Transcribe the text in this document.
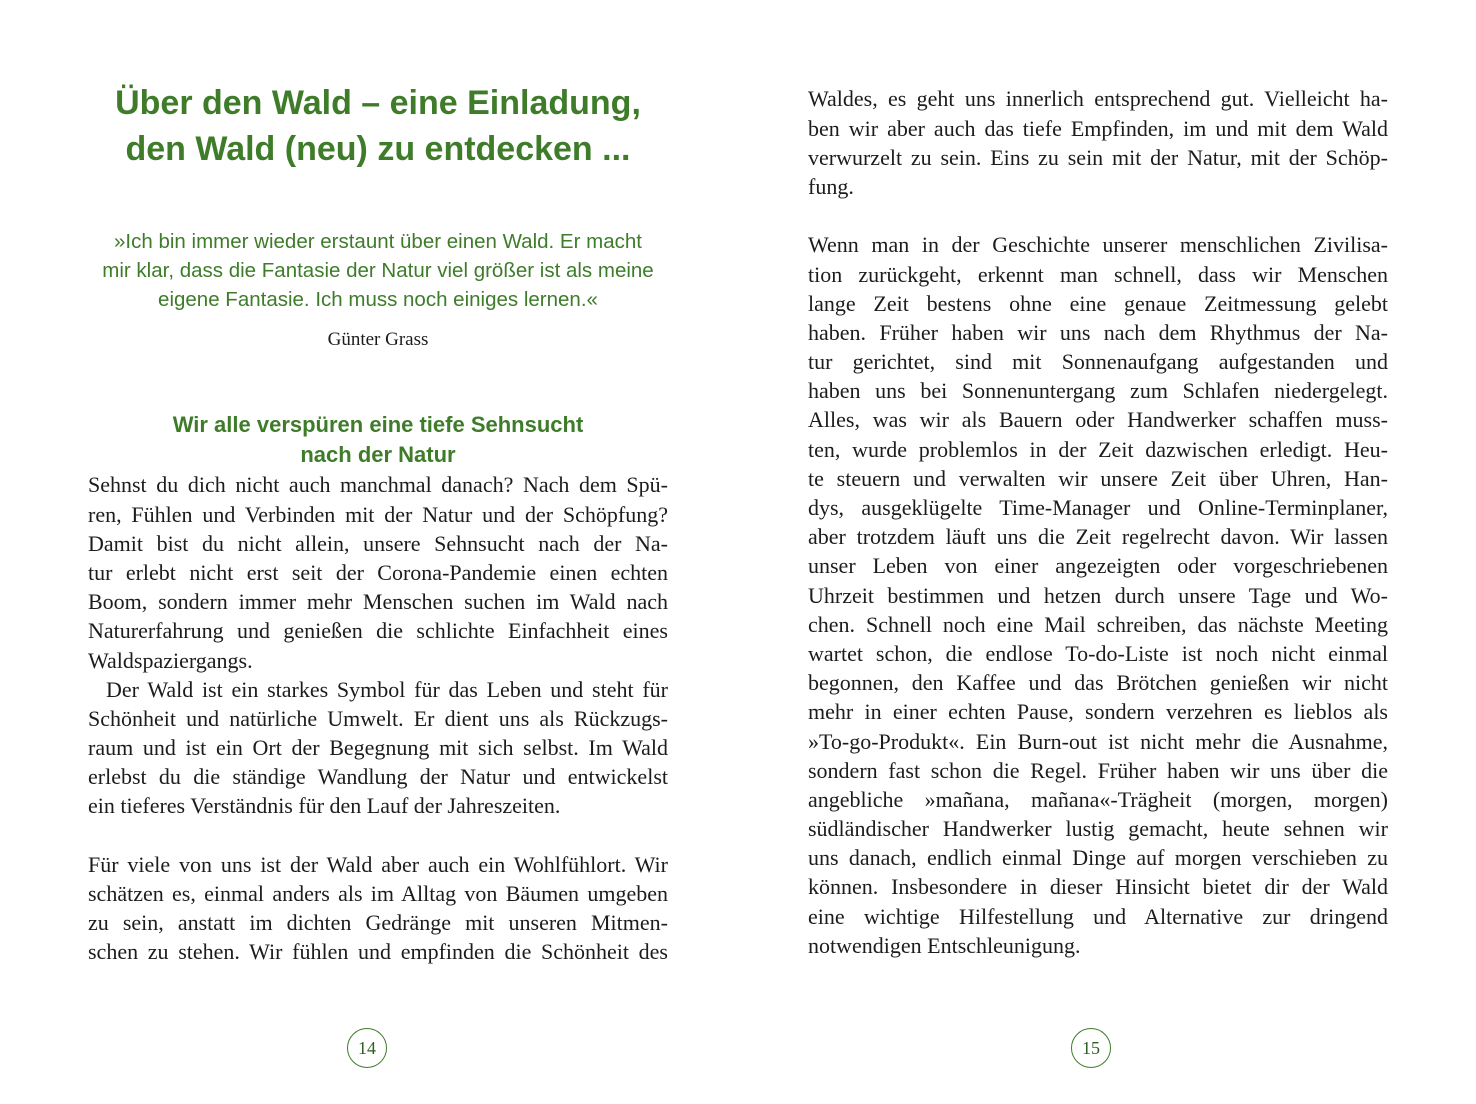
Über den Wald – eine Einladung,
den Wald (neu) zu entdecken ...
»Ich bin immer wieder erstaunt über einen Wald. Er macht
mir klar, dass die Fantasie der Natur viel größer ist als meine
eigene Fantasie. Ich muss noch einiges lernen.«
Günter Grass
Wir alle verspüren eine tiefe Sehnsucht
nach der Natur
Sehnst du dich nicht auch manchmal danach? Nach dem Spü-
ren, Fühlen und Verbinden mit der Natur und der Schöpfung?
Damit bist du nicht allein, unsere Sehnsucht nach der Na-
tur erlebt nicht erst seit der Corona-Pandemie einen echten
Boom, sondern immer mehr Menschen suchen im Wald nach
Naturerfahrung und genießen die schlichte Einfachheit eines
Waldspaziergangs.
Der Wald ist ein starkes Symbol für das Leben und steht für
Schönheit und natürliche Umwelt. Er dient uns als Rückzugs-
raum und ist ein Ort der Begegnung mit sich selbst. Im Wald
erlebst du die ständige Wandlung der Natur und entwickelst
ein tieferes Verständnis für den Lauf der Jahreszeiten.
Für viele von uns ist der Wald aber auch ein Wohlfühlort. Wir
schätzen es, einmal anders als im Alltag von Bäumen umgeben
zu sein, anstatt im dichten Gedränge mit unseren Mitmen-
schen zu stehen. Wir fühlen und empfinden die Schönheit des
14
Waldes, es geht uns innerlich entsprechend gut. Vielleicht ha-
ben wir aber auch das tiefe Empfinden, im und mit dem Wald
verwurzelt zu sein. Eins zu sein mit der Natur, mit der Schöp-
fung.
Wenn man in der Geschichte unserer menschlichen Zivilisa-
tion zurückgeht, erkennt man schnell, dass wir Menschen
lange Zeit bestens ohne eine genaue Zeitmessung gelebt
haben. Früher haben wir uns nach dem Rhythmus der Na-
tur gerichtet, sind mit Sonnenaufgang aufgestanden und
haben uns bei Sonnenuntergang zum Schlafen niedergelegt.
Alles, was wir als Bauern oder Handwerker schaffen muss-
ten, wurde problemlos in der Zeit dazwischen erledigt. Heu-
te steuern und verwalten wir unsere Zeit über Uhren, Han-
dys, ausgeklügelte Time-Manager und Online-Terminplaner,
aber trotzdem läuft uns die Zeit regelrecht davon. Wir lassen
unser Leben von einer angezeigten oder vorgeschriebenen
Uhrzeit bestimmen und hetzen durch unsere Tage und Wo-
chen. Schnell noch eine Mail schreiben, das nächste Meeting
wartet schon, die endlose To-do-Liste ist noch nicht einmal
begonnen, den Kaffee und das Brötchen genießen wir nicht
mehr in einer echten Pause, sondern verzehren es lieblos als
»To-go-Produkt«. Ein Burn-out ist nicht mehr die Ausnahme,
sondern fast schon die Regel. Früher haben wir uns über die
angebliche »mañana, mañana«-Trägheit (morgen, morgen)
südländischer Handwerker lustig gemacht, heute sehnen wir
uns danach, endlich einmal Dinge auf morgen verschieben zu
können. Insbesondere in dieser Hinsicht bietet dir der Wald
eine wichtige Hilfestellung und Alternative zur dringend
notwendigen Entschleunigung.
15
